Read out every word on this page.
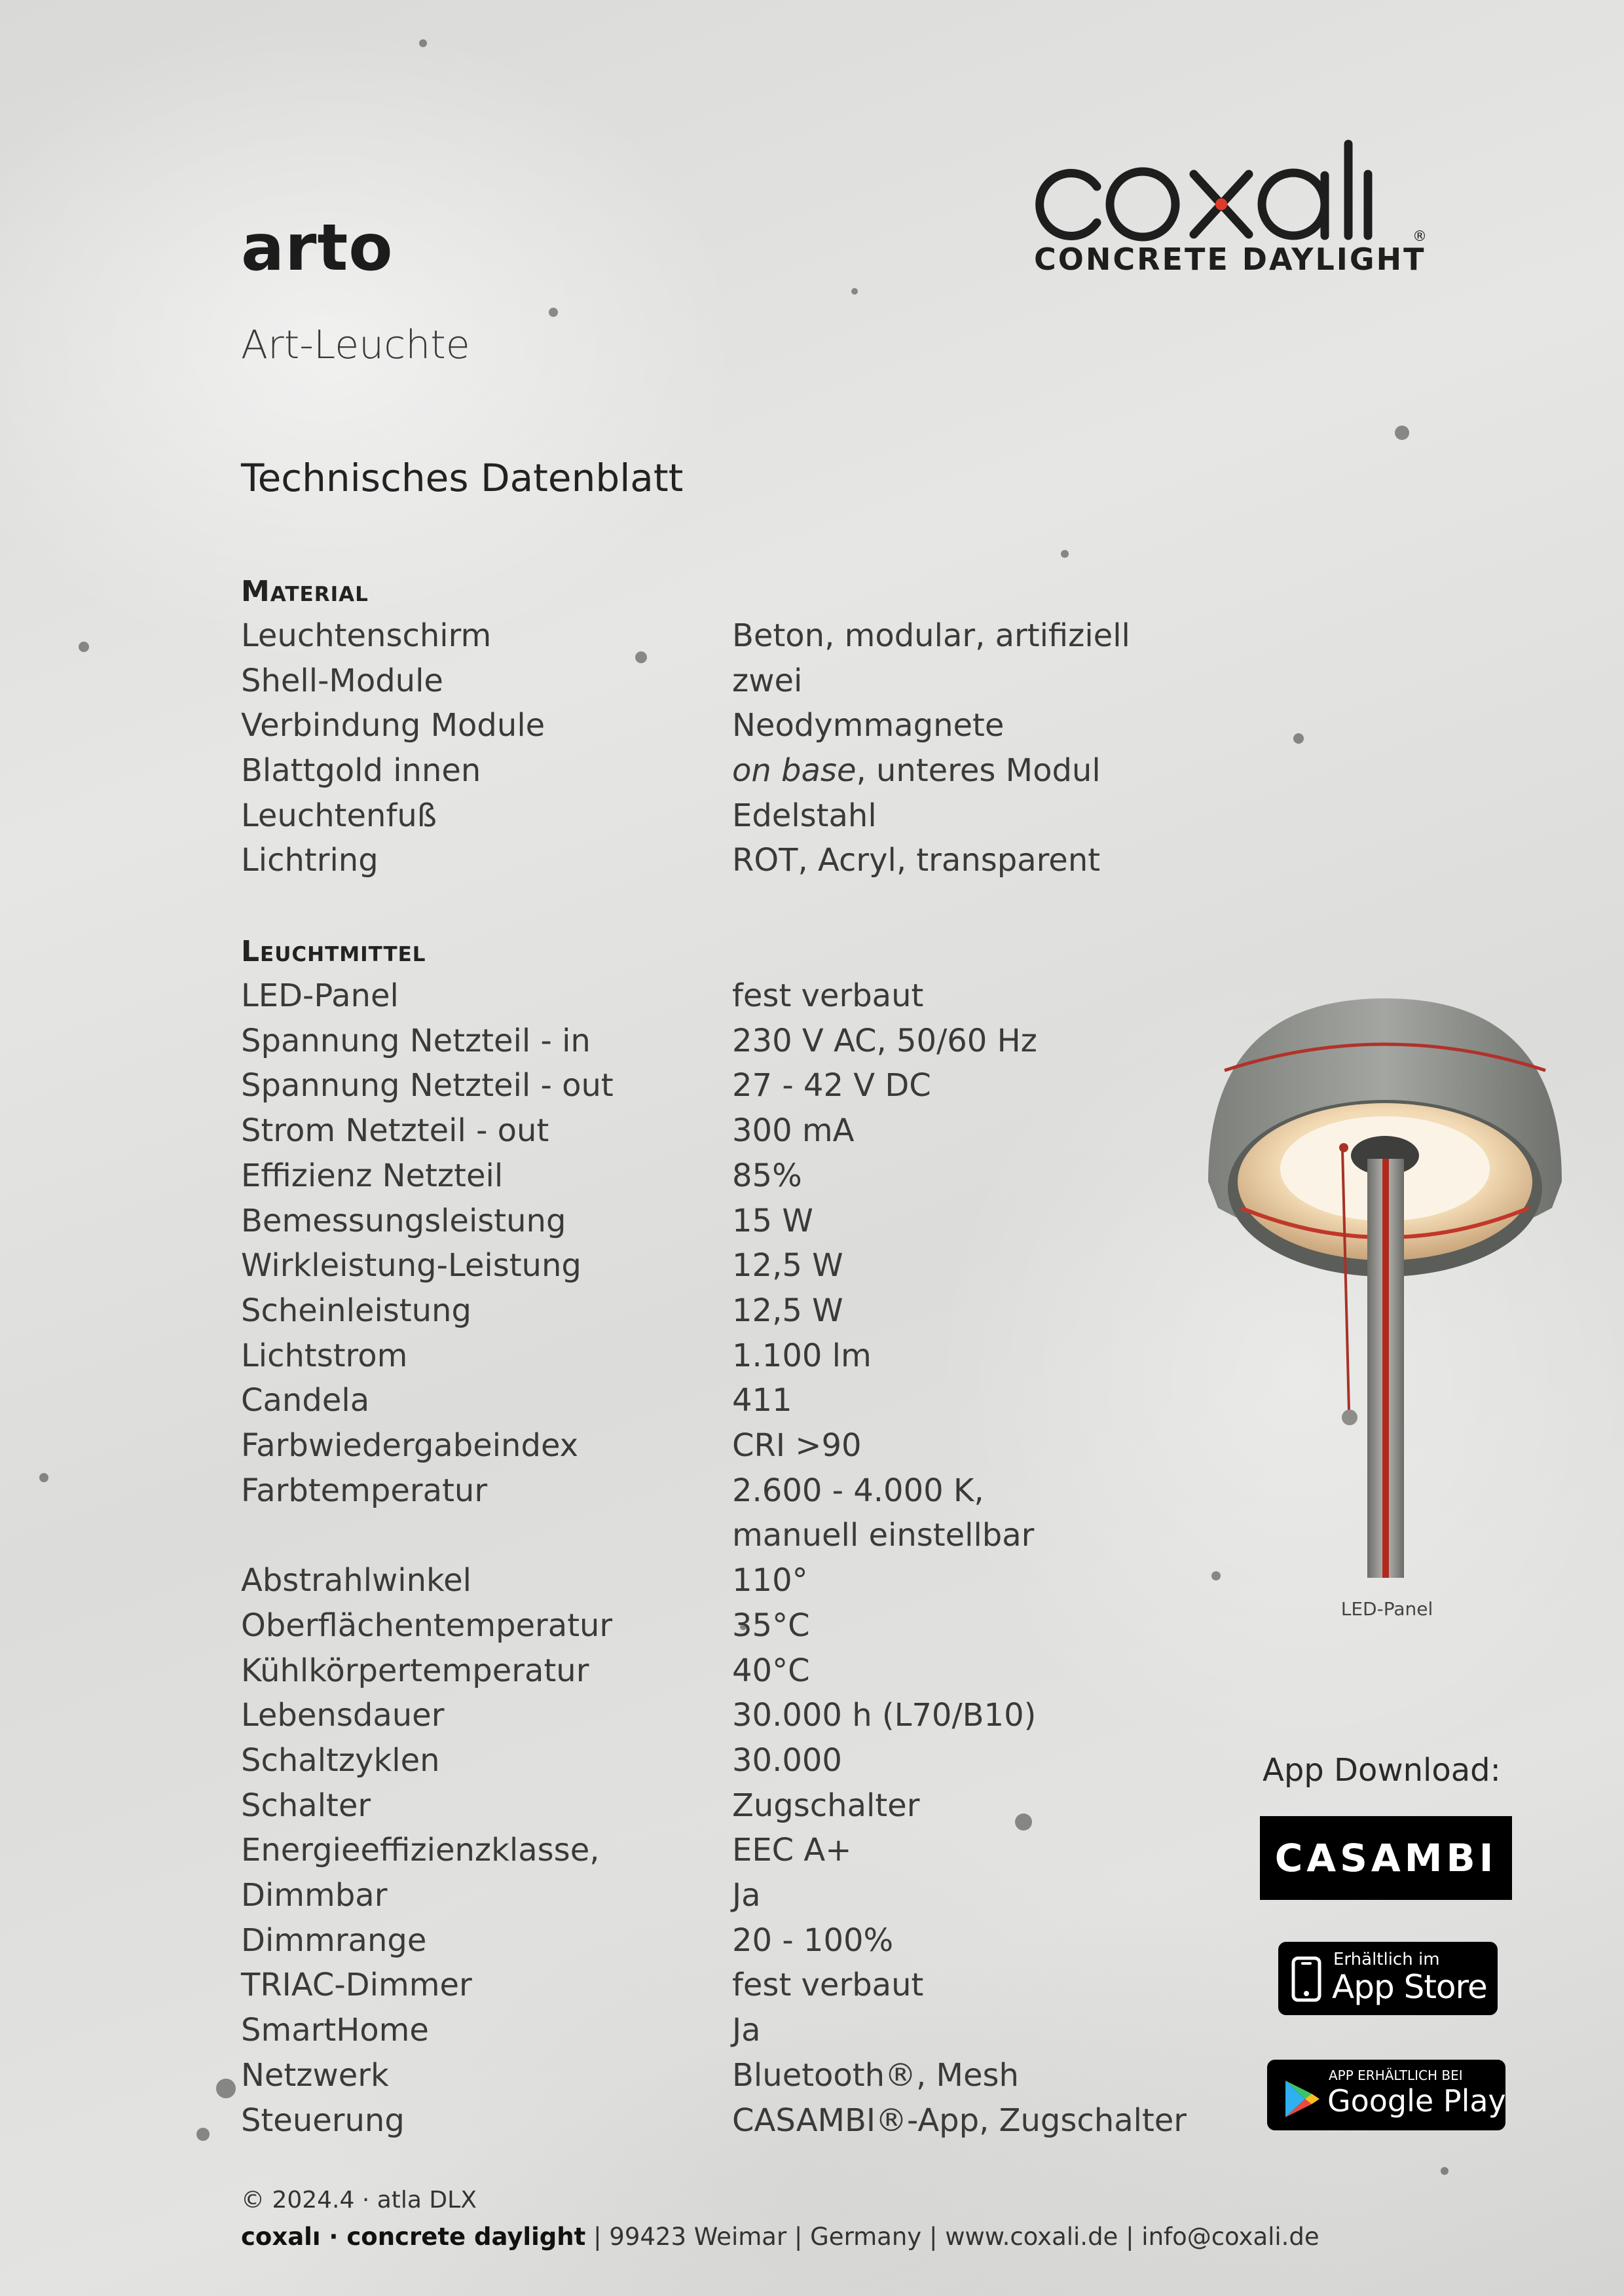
®
CONCRETE DAYLIGHT
arto
Art-Leuchte
Technisches Datenblatt
Material
Leuchtenschirm	Beton, modular, artifiziell
Shell-Module	zwei
Verbindung Module	Neodymmagnete
Blattgold innen	on base, unteres Modul
Leuchtenfuß	Edelstahl
Lichtring	ROT, Acryl, transparent
Leuchtmittel
LED-Panel	fest verbaut
Spannung Netzteil - in	230 V AC, 50/60 Hz
Spannung Netzteil - out	27 - 42 V DC
Strom Netzteil - out	300 mA
Effizienz Netzteil	85%
Bemessungsleistung	15 W
Wirkleistung-Leistung	12,5 W
Scheinleistung	12,5 W
Lichtstrom	1.100 lm
Candela	411
Farbwiedergabeindex	CRI >90
Farbtemperatur	2.600 - 4.000 K,
manuell einstellbar
Abstrahlwinkel	110°
Oberflächentemperatur	35°C
Kühlkörpertemperatur	40°C
Lebensdauer	30.000 h (L70/B10)
Schaltzyklen	30.000
Schalter	Zugschalter
Energieeffizienzklasse,	EEC A+
Dimmbar	Ja
Dimmrange	20 - 100%
TRIAC-Dimmer	fest verbaut
SmartHome	Ja
Netzwerk	Bluetooth®, Mesh
Steuerung	CASAMBI®-App, Zugschalter
LED-Panel
App Download:
CASAMBI
Erhältlich im
App Store
APP ERHÄLTLICH BEI
Google Play
© 2024.4 · atla DLX
coxalı · concrete daylight | 99423 Weimar | Germany | www.coxali.de | info@coxali.de
